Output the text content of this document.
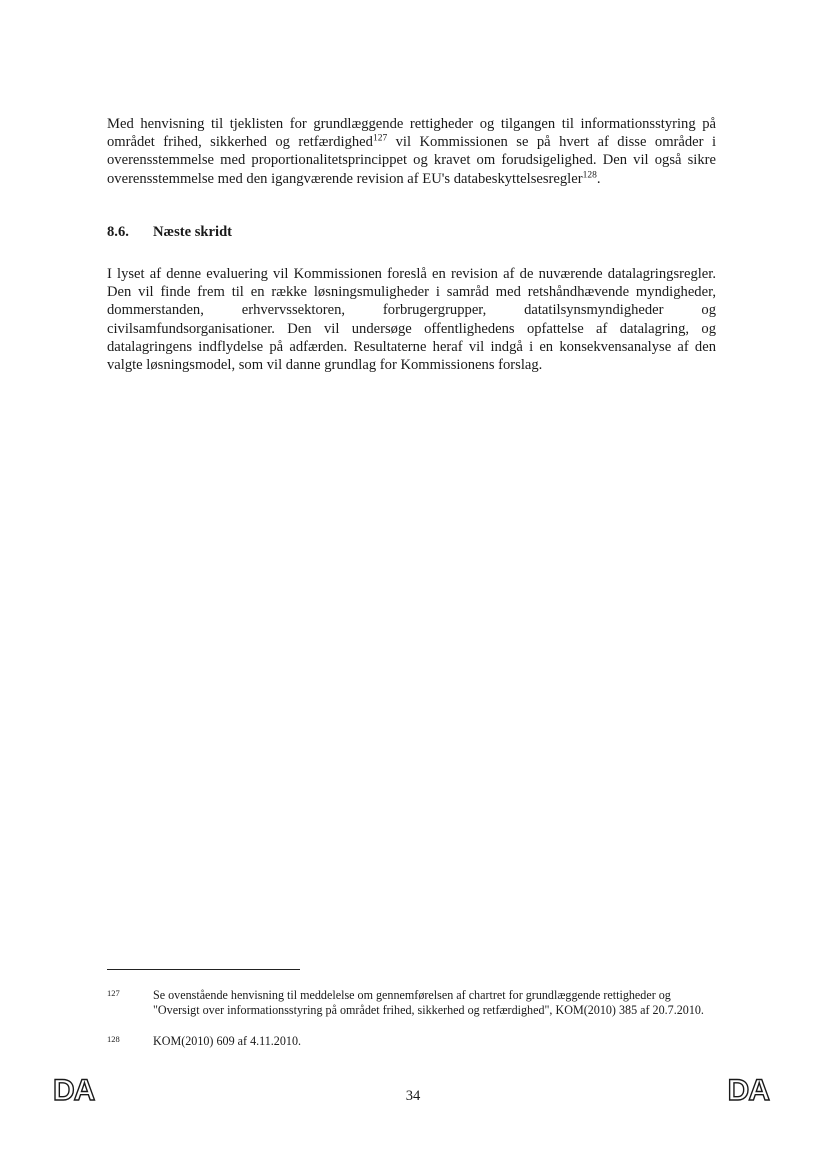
Med henvisning til tjeklisten for grundlæggende rettigheder og tilgangen til informationsstyring på området frihed, sikkerhed og retfærdighed$^{127}$ vil Kommissionen se på hvert af disse områder i overensstemmelse med proportionalitetsprincippet og kravet om forudsigelighed. Den vil også sikre overensstemmelse med den igangværende revision af EU's databeskyttelsesregler$^{128}$.

8.6. Næste skridt

I lyset af denne evaluering vil Kommissionen foreslå en revision af de nuværende datalagringsregler. Den vil finde frem til en række løsningsmuligheder i samråd med retshåndhævende myndigheder, dommerstanden, erhvervssektoren, forbrugergrupper, datatilsynsmyndigheder og civilsamfundsorganisationer. Den vil undersøge offentlighedens opfattelse af datalagring, og datalagringens indflydelse på adfærden. Resultaterne heraf vil indgå i en konsekvensanalyse af den valgte løsningsmodel, som vil danne grundlag for Kommissionens forslag.

127	Se ovenstående henvisning til meddelelse om gennemførelsen af chartret for grundlæggende rettigheder og "Oversigt over informationsstyring på området frihed, sikkerhed og retfærdighed", KOM(2010) 385 af 20.7.2010.
128	KOM(2010) 609 af 4.11.2010.
DA	34	DA
